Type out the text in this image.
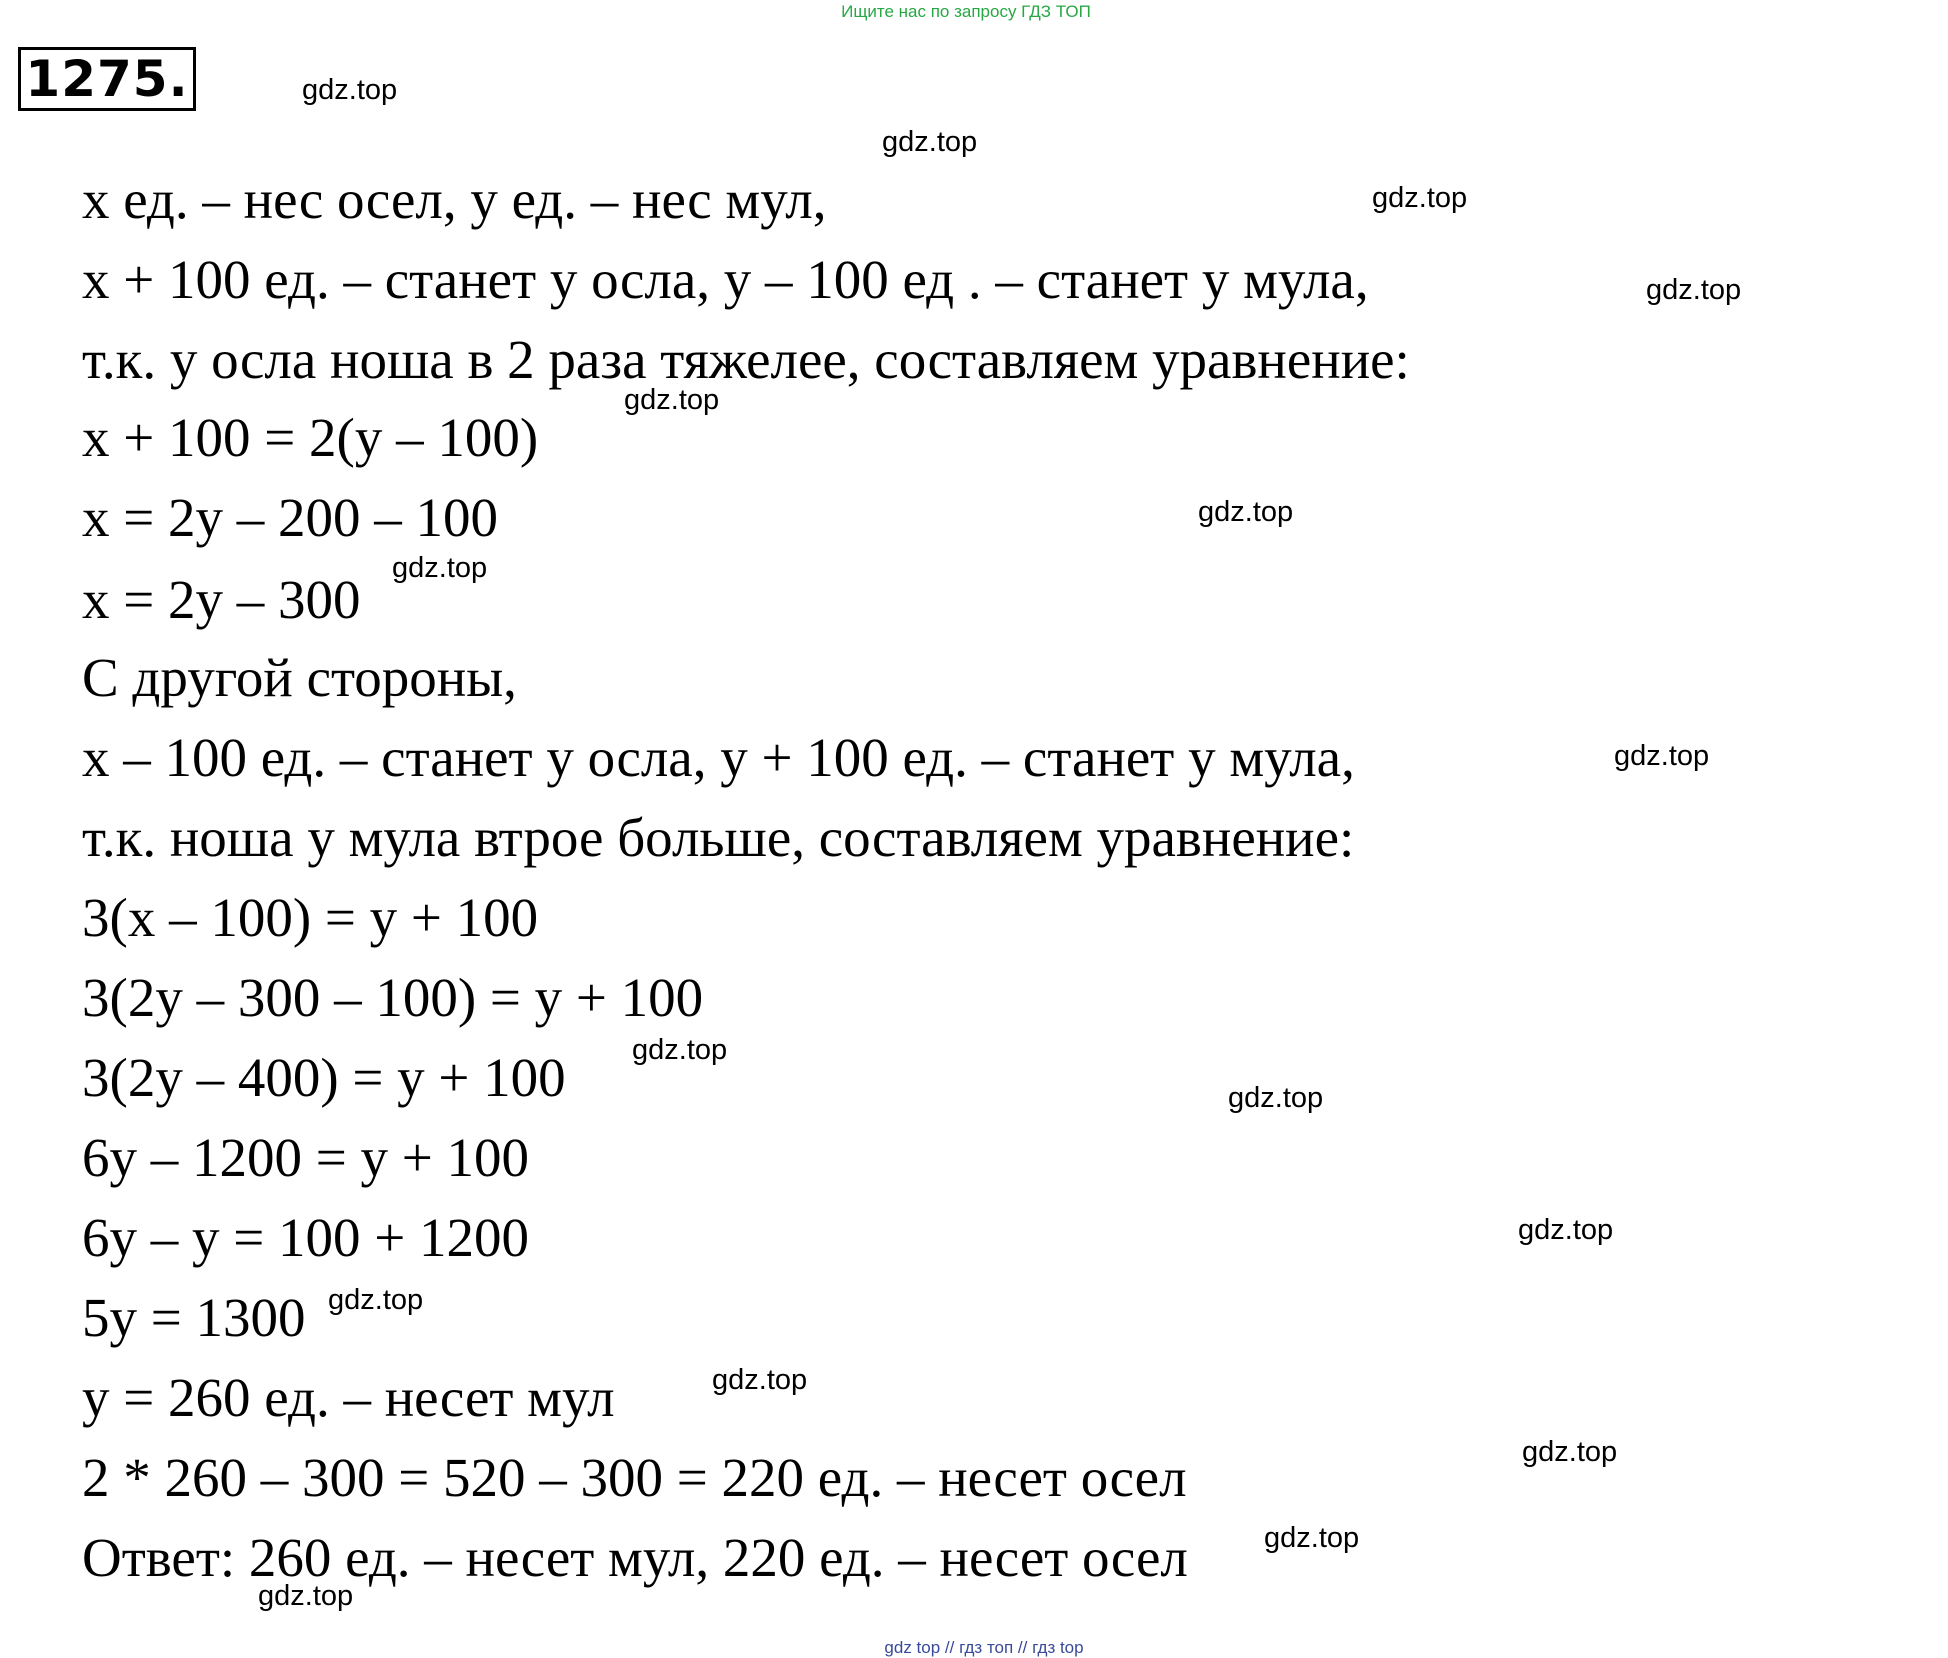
Ищите нас по запросу ГДЗ ТОП
1275.
х ед. – нес осел, у ед. – нес мул,
х + 100 ед. – станет у осла, у – 100 ед . – станет у мула,
т.к. у осла ноша в 2 раза тяжелее, составляем уравнение:
х + 100 = 2(у – 100)
х = 2у – 200 – 100
х = 2у – 300
С другой стороны,
х – 100 ед. – станет у осла, у + 100 ед. – станет у мула,
т.к. ноша у мула втрое больше, составляем уравнение:
3(х – 100) = у + 100
3(2у – 300 – 100) = у + 100
3(2у – 400) = у + 100
6у – 1200 = у + 100
6у – у = 100 + 1200
5у = 1300
у = 260 ед. – несет мул
2 * 260 – 300 = 520 – 300 = 220 ед. – несет осел
Ответ: 260 ед. – несет мул, 220 ед. – несет осел
gdz.top
gdz.top
gdz.top
gdz.top
gdz.top
gdz.top
gdz.top
gdz.top
gdz.top
gdz.top
gdz.top
gdz.top
gdz.top
gdz.top
gdz.top
gdz.top
gdz top // гдз топ // гдз top
